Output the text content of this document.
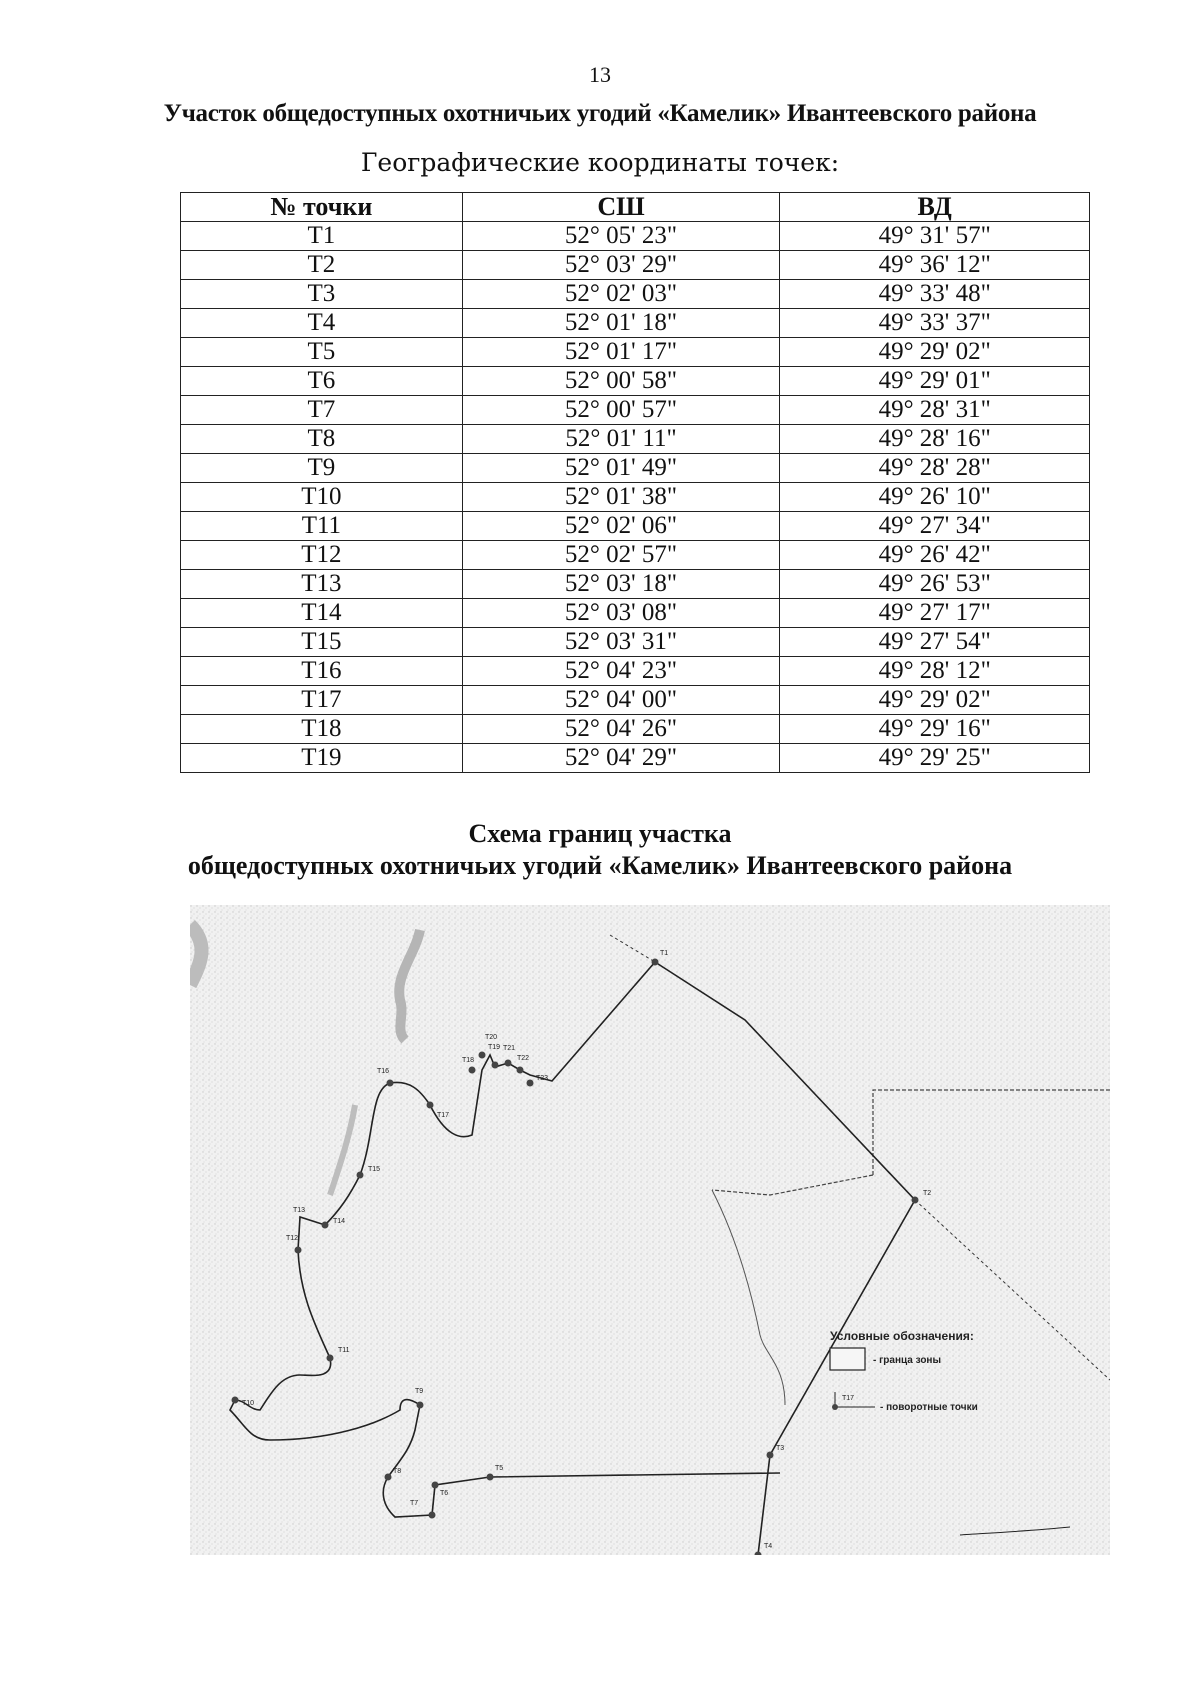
13
Участок общедоступных охотничьих угодий «Камелик» Ивантеевского района
Географические координаты точек:
№ точки	СШ	ВД
Т1	52° 05' 23"	49° 31' 57"
Т2	52° 03' 29"	49° 36' 12"
Т3	52° 02' 03"	49° 33' 48"
Т4	52° 01' 18"	49° 33' 37"
Т5	52° 01' 17"	49° 29' 02"
Т6	52° 00' 58"	49° 29' 01"
Т7	52° 00' 57"	49° 28' 31"
Т8	52° 01' 11"	49° 28' 16"
Т9	52° 01' 49"	49° 28' 28"
Т10	52° 01' 38"	49° 26' 10"
Т11	52° 02' 06"	49° 27' 34"
Т12	52° 02' 57"	49° 26' 42"
Т13	52° 03' 18"	49° 26' 53"
Т14	52° 03' 08"	49° 27' 17"
Т15	52° 03' 31"	49° 27' 54"
Т16	52° 04' 23"	49° 28' 12"
Т17	52° 04' 00"	49° 29' 02"
Т18	52° 04' 26"	49° 29' 16"
Т19	52° 04' 29"	49° 29' 25"
Схема границ участка
общедоступных охотничьих угодий «Камелик» Ивантеевского района
Т1
Т2
Т3
Т4
Т5
Т6
Т7
Т8
Т9
Т10
Т11
Т12
Т13
Т14
Т15
Т16
Т17
Т18
Т19
Т20
Т21
Т22
Т23
Условные обозначения:
- гранца зоны
Т17
- поворотные точки
